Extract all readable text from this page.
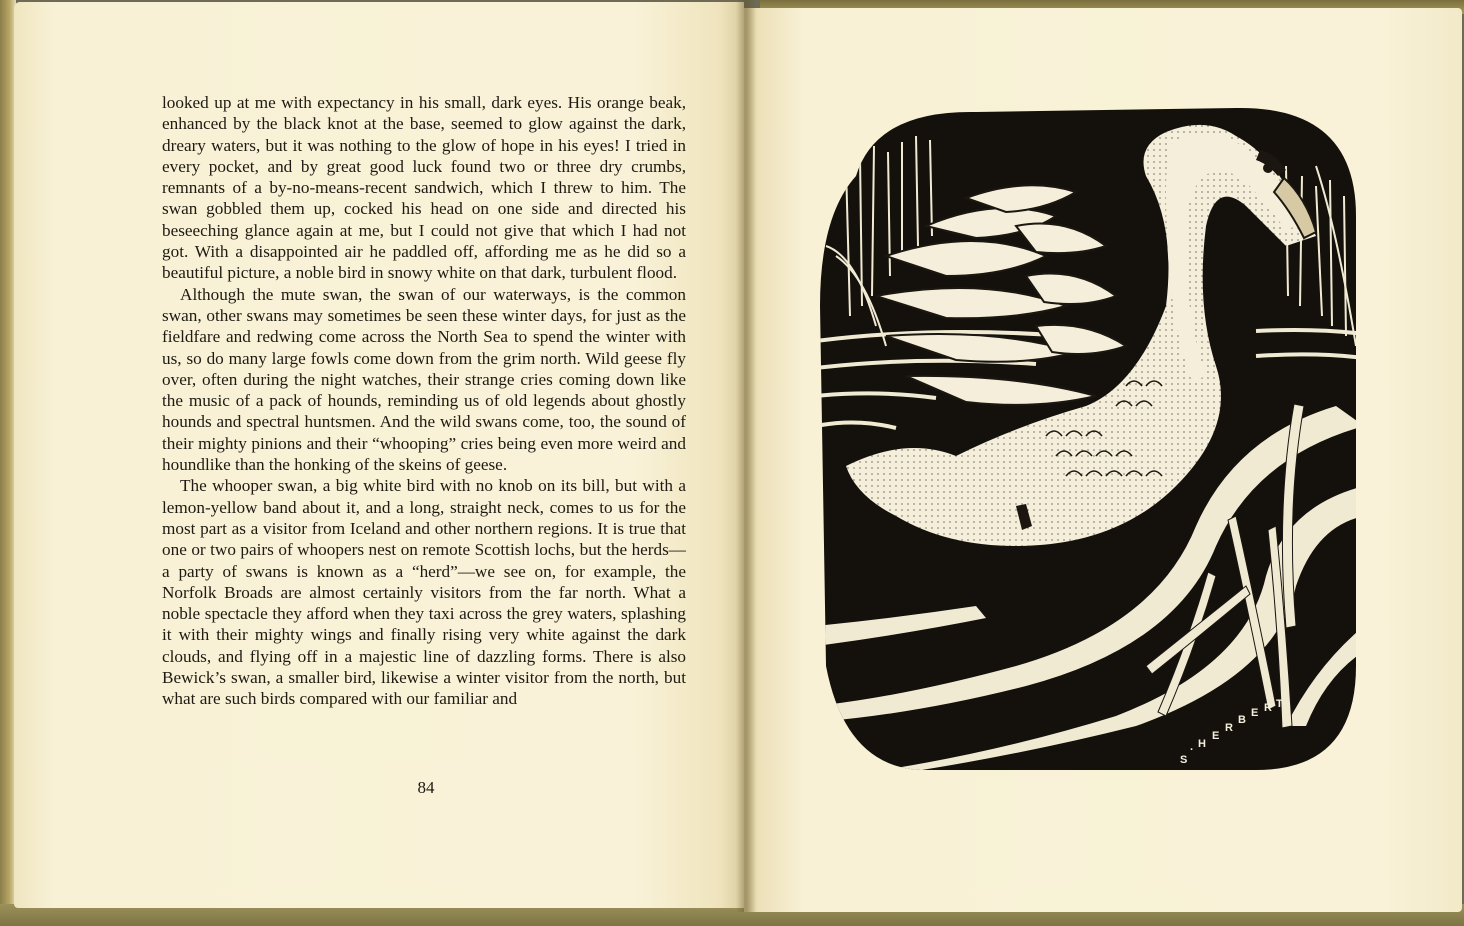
looked up at me with expectancy in his small, dark eyes. His orange beak, enhanced by the black knot at the base, seemed to glow against the dark, dreary waters, but it was nothing to the glow of hope in his eyes! I tried in every pocket, and by great good luck found two or three dry crumbs, remnants of a by-no-means-recent sandwich, which I threw to him. The swan gobbled them up, cocked his head on one side and directed his beseeching glance again at me, but I could not give that which I had not got. With a disappointed air he paddled off, affording me as he did so a beautiful picture, a noble bird in snowy white on that dark, turbulent flood.

Although the mute swan, the swan of our waterways, is the common swan, other swans may sometimes be seen these winter days, for just as the fieldfare and redwing come across the North Sea to spend the winter with us, so do many large fowls come down from the grim north. Wild geese fly over, often during the night watches, their strange cries coming down like the music of a pack of hounds, reminding us of old legends about ghostly hounds and spectral huntsmen. And the wild swans come, too, the sound of their mighty pinions and their “whooping” cries being even more weird and houndlike than the honking of the skeins of geese.

The whooper swan, a big white bird with no knob on its bill, but with a lemon-yellow band about it, and a long, straight neck, comes to us for the most part as a visitor from Iceland and other northern regions. It is true that one or two pairs of whoopers nest on remote Scottish lochs, but the herds—a party of swans is known as a “herd”—we see on, for example, the Norfolk Broads are almost certainly visitors from the far north. What a noble spectacle they afford when they taxi across the grey waters, splashing it with their mighty wings and finally rising very white against the dark clouds, and flying off in a majestic line of dazzling forms. There is also Bewick’s swan, a smaller bird, likewise a winter visitor from the north, but what are such birds compared with our familiar and

84
S
· H
E
R
B
E R T
